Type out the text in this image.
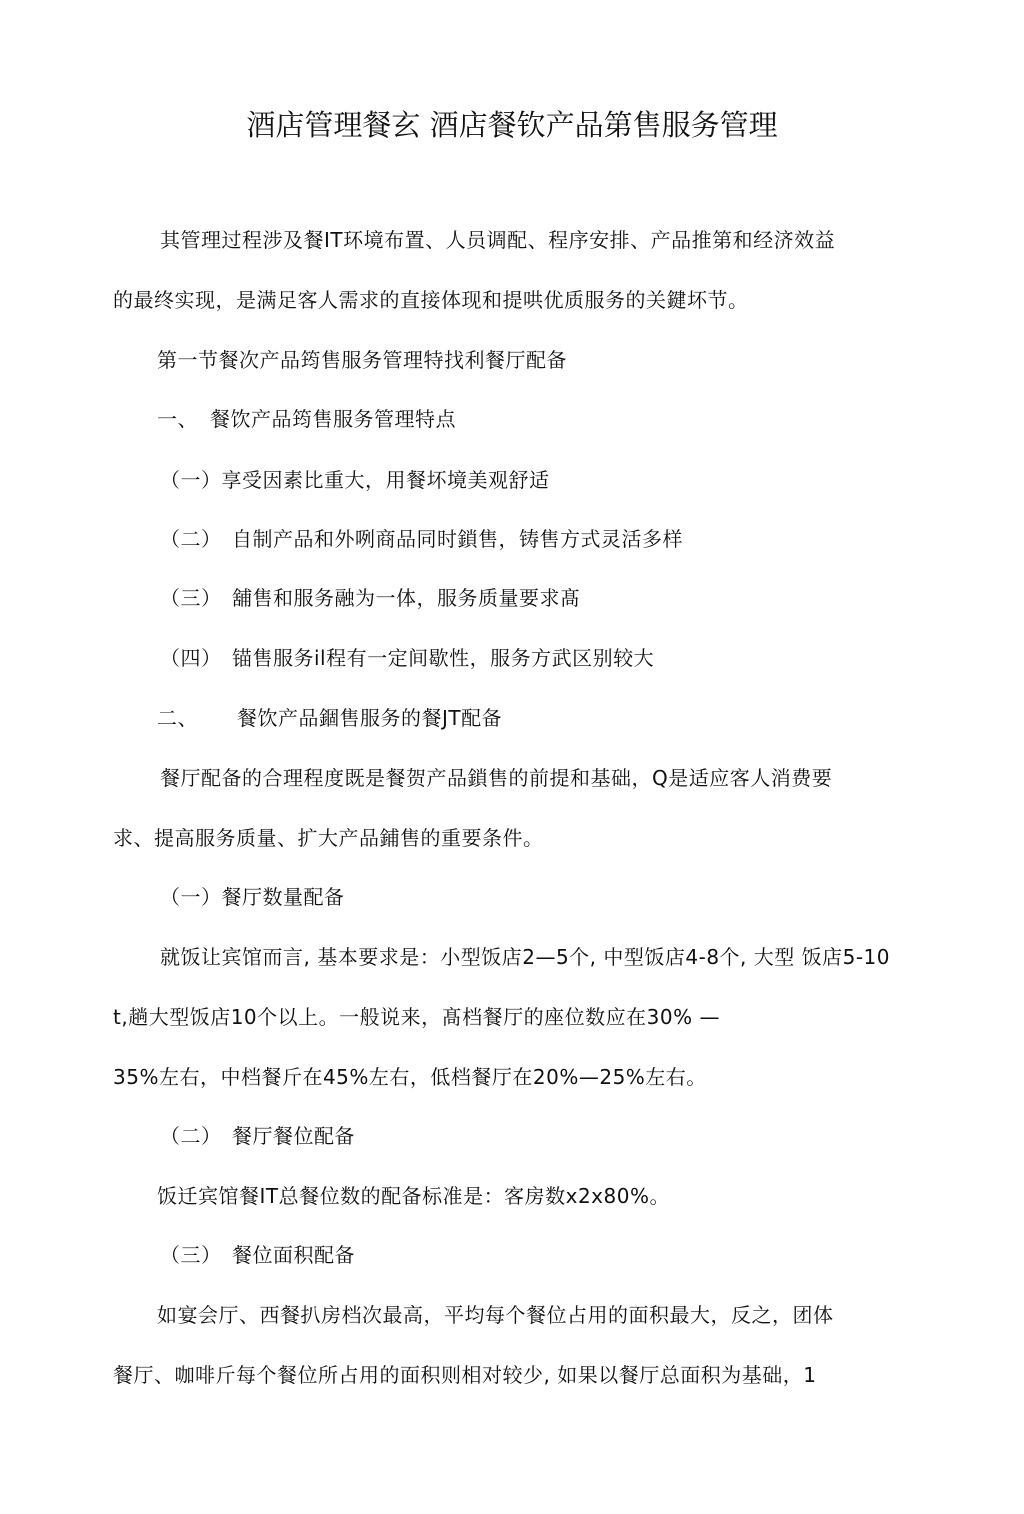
酒店管理餐玄 酒店餐钦产品第售服务管理
其管理过程涉及餐IT环境布置、人员调配、程序安排、产品推第和经济效益
的最终实现，是满足客人需求的直接体现和提哄优质服务的关鍵坏节。
第一节餐次产品筠售服务管理特找利餐厅配备
一、 餐饮产品筠售服务管理特点
（一）享受因素比重大，用餐坏境美观舒适
（二） 自制产品和外咧商品同时鎖售，铸售方式灵活多样
（三） 舖售和服务融为一体，服务质量要求髙
（四） 锚售服务il程有一定间歇性，服务方武区别较大
二、 餐饮产品錮售服务的餐JT配备
餐厅配备的合理程度既是餐贺产品鎖售的前提和基础，Q是适应客人消费要
求、提高服务质量、扩大产品鋪售的重要条件。
（一）餐厅数量配备
就饭让宾馆而言, 基本要求是：小型饭店2—5个, 中型饭店4-8个, 大型 饭店5-10
t,趟大型饭店10个以上。一般说来，髙档餐厅的座位数应在30% —
35%左右，中档餐斤在45%左右，低档餐厅在20%—25%左右。
（二） 餐厅餐位配备
饭迁宾馆餐IT总餐位数的配备标准是：客房数x2x80%。
（三） 餐位面积配备
如宴会厅、西餐扒房档次最高，平均每个餐位占用的面积最大，反之，团体
餐厅、咖啡斤每个餐位所占用的面积则相对较少, 如果以餐厅总面积为基础，1
